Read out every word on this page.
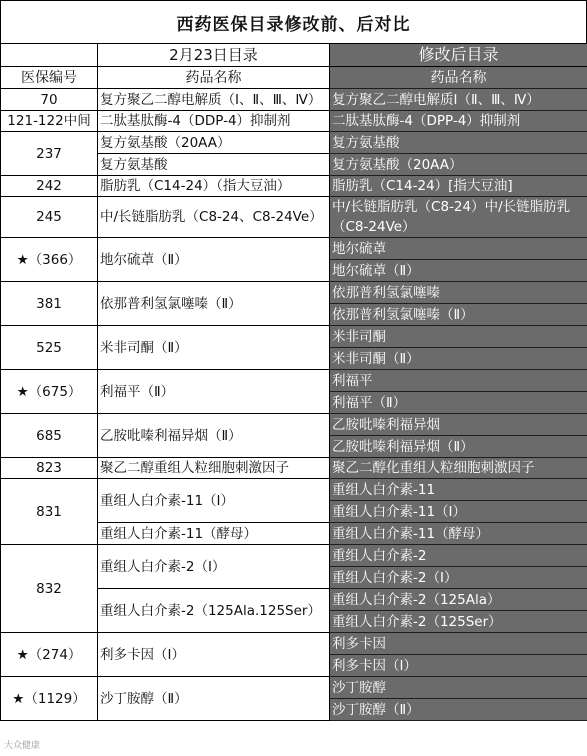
西药医保目录修改前、后对比
	2月23日目录	修改后目录
医保编号	药品名称	药品名称
70	复方聚乙二醇电解质（Ⅰ、Ⅱ、Ⅲ、Ⅳ）	复方聚乙二醇电解质Ⅰ（Ⅱ、Ⅲ、Ⅳ）
121-122中间	二肽基肽酶-4（DDP-4）抑制剂	二肽基肽酶-4（DPP-4）抑制剂
237	复方氨基酸（20AA）	复方氨基酸
	复方氨基酸	复方氨基酸（20AA）
242	脂肪乳（C14-24）（指大豆油）	脂肪乳（C14-24）[指大豆油]
245	中/长链脂肪乳（C8-24、C8-24Ve）	中/长链脂肪乳（C8-24）中/长链脂肪乳（C8-24Ve）
★（366）	地尔硫䓬（Ⅱ）	地尔硫䓬
		地尔硫䓬（Ⅱ）
381	依那普利氢氯噻嗪（Ⅱ）	依那普利氢氯噻嗪
		依那普利氢氯噻嗪（Ⅱ）
525	米非司酮（Ⅱ）	米非司酮
		米非司酮（Ⅱ）
★（675）	利福平（Ⅱ）	利福平
		利福平（Ⅱ）
685	乙胺吡嗪利福异烟（Ⅱ）	乙胺吡嗪利福异烟
		乙胺吡嗪利福异烟（Ⅱ）
823	聚乙二醇重组人粒细胞刺激因子	聚乙二醇化重组人粒细胞刺激因子
831	重组人白介素-11（Ⅰ）	重组人白介素-11
		重组人白介素-11（Ⅰ）
	重组人白介素-11（酵母）	重组人白介素-11（酵母）
832	重组人白介素-2（Ⅰ）	重组人白介素-2
		重组人白介素-2（Ⅰ）
	重组人白介素-2（125Ala.125Ser）	重组人白介素-2（125Ala）
		重组人白介素-2（125Ser）
★（274）	利多卡因（Ⅰ）	利多卡因
		利多卡因（Ⅰ）
★（1129）	沙丁胺醇（Ⅱ）	沙丁胺醇
		沙丁胺醇（Ⅱ）
大众健康
